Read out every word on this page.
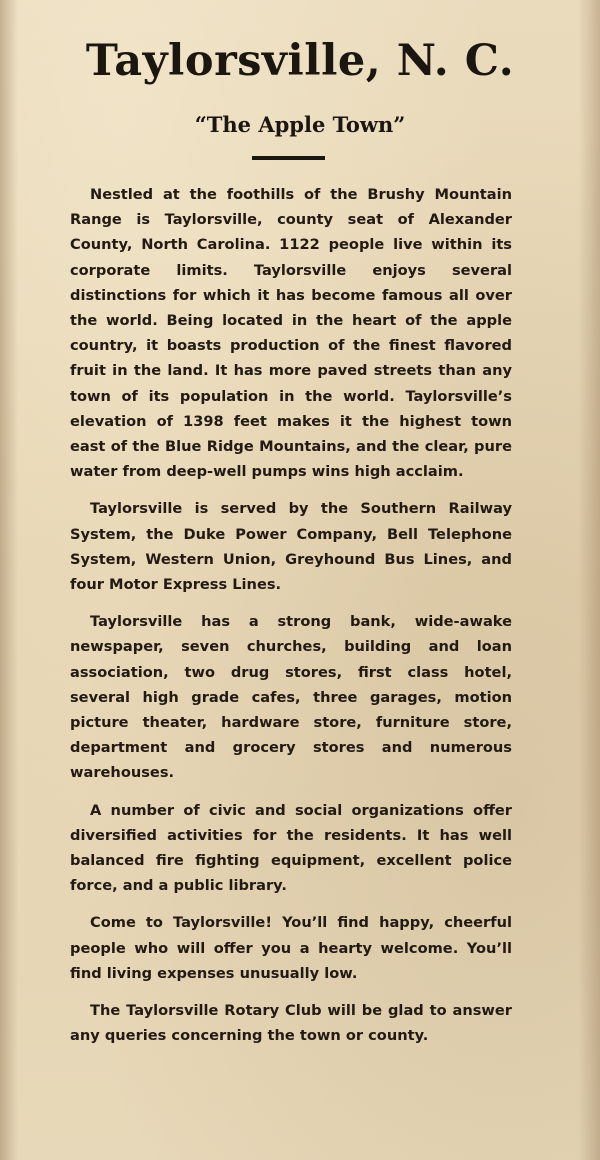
Taylorsville, N. C.
“The Apple Town”

Nestled at the foothills of the Brushy Mountain Range is Taylorsville, county seat of Alexander County, North Carolina. 1122 people live within its corporate limits. Taylorsville enjoys several distinctions for which it has become famous all over the world. Being located in the heart of the apple country, it boasts production of the finest flavored fruit in the land. It has more paved streets than any town of its population in the world. Taylorsville’s elevation of 1398 feet makes it the highest town east of the Blue Ridge Mountains, and the clear, pure water from deep-well pumps wins high acclaim.

Taylorsville is served by the Southern Railway System, the Duke Power Company, Bell Telephone System, Western Union, Greyhound Bus Lines, and four Motor Express Lines.

Taylorsville has a strong bank, wide-awake newspaper, seven churches, building and loan association, two drug stores, first class hotel, several high grade cafes, three garages, motion picture theater, hardware store, furniture store, department and grocery stores and numerous warehouses.

A number of civic and social organizations offer diversified activities for the residents. It has well balanced fire fighting equipment, excellent police force, and a public library.

Come to Taylorsville! You’ll find happy, cheerful people who will offer you a hearty welcome. You’ll find living expenses unusually low.

The Taylorsville Rotary Club will be glad to answer any queries concerning the town or county.
